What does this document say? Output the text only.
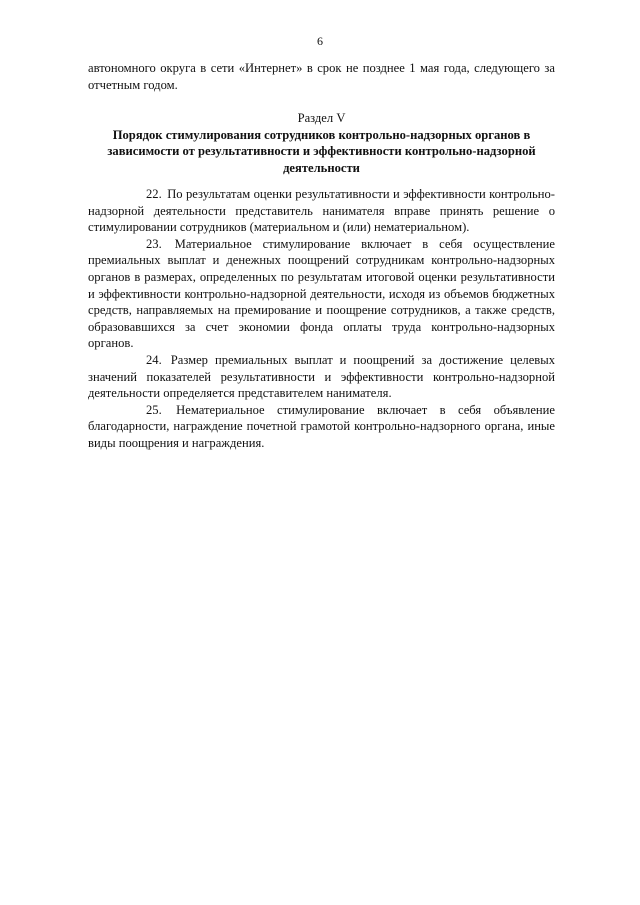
6
автономного округа в сети «Интернет» в срок не позднее 1 мая года, следующего за отчетным годом.
Раздел V
Порядок стимулирования сотрудников контрольно-надзорных органов в зависимости от результативности и эффективности контрольно-надзорной деятельности

22. По результатам оценки результативности и эффективности контрольно-надзорной деятельности представитель нанимателя вправе принять решение о стимулировании сотрудников (материальном и (или) нематериальном).

23. Материальное стимулирование включает в себя осуществление премиальных выплат и денежных поощрений сотрудникам контрольно-надзорных органов в размерах, определенных по результатам итоговой оценки результативности и эффективности контрольно-надзорной деятельности, исходя из объемов бюджетных средств, направляемых на премирование и поощрение сотрудников, а также средств, образовавшихся за счет экономии фонда оплаты труда контрольно-надзорных органов.

24. Размер премиальных выплат и поощрений за достижение целевых значений показателей результативности и эффективности контрольно-надзорной деятельности определяется представителем нанимателя.

25. Нематериальное стимулирование включает в себя объявление благодарности, награждение почетной грамотой контрольно-надзорного органа, иные виды поощрения и награждения.
